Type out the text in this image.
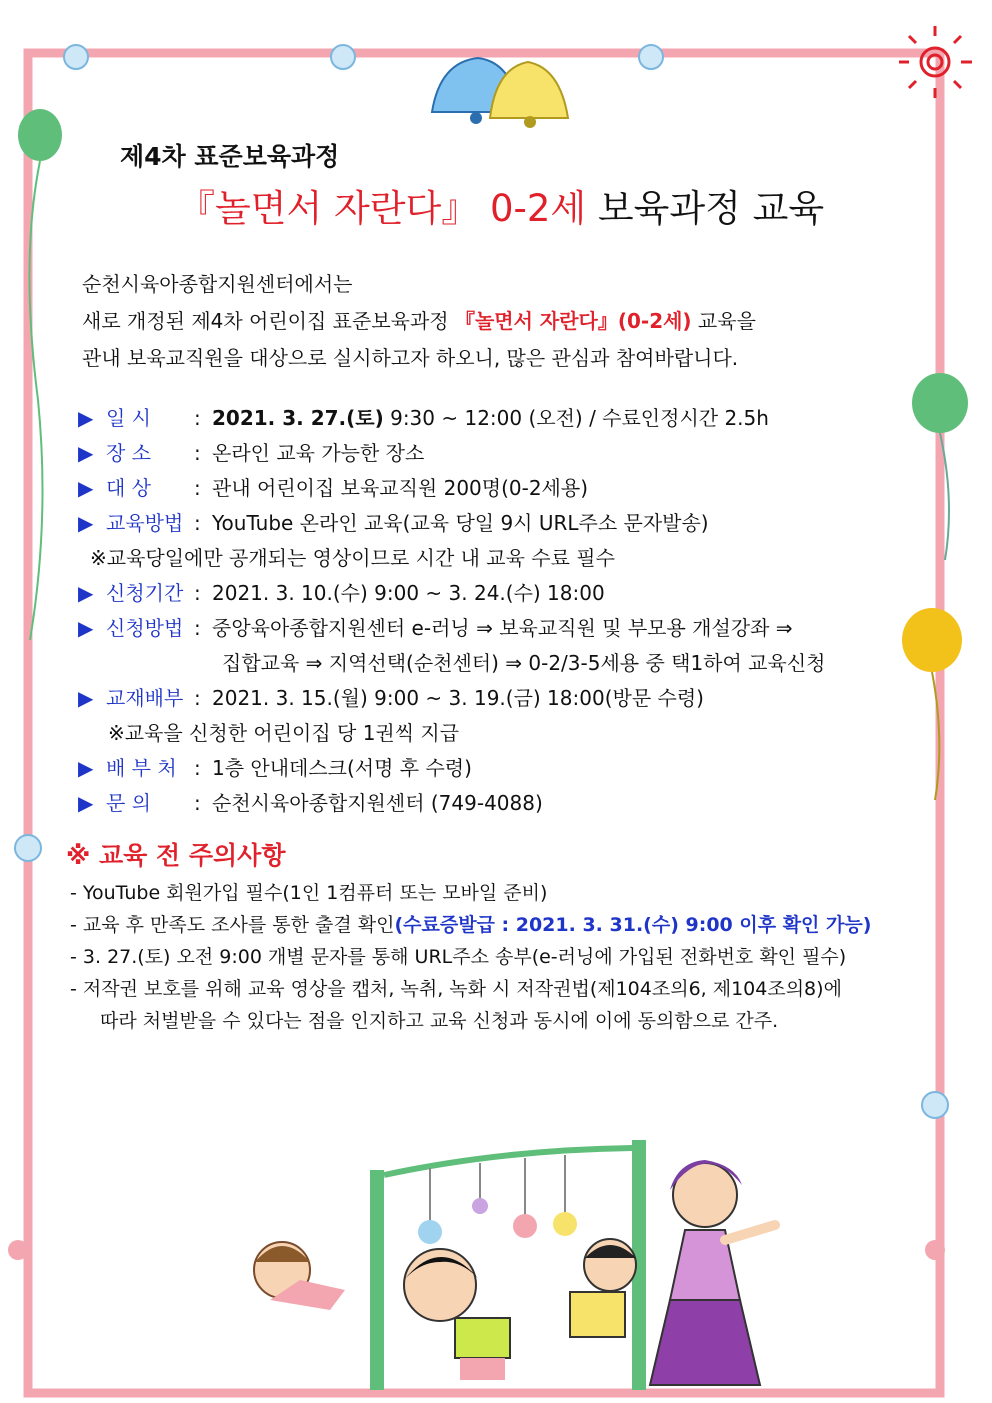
제4차 표준보육과정
『놀면서 자란다』 0-2세 보육과정 교육
순천시육아종합지원센터에서는
새로 개정된 제4차 어린이집 표준보육과정 『놀면서 자란다』(0-2세) 교육을
관내 보육교직원을 대상으로 실시하고자 하오니, 많은 관심과 참여바랍니다.
▶ 일 시 : 2021. 3. 27.(토) 9:30 ~ 12:00 (오전) / 수료인정시간 2.5h
▶ 장 소 : 온라인 교육 가능한 장소
▶ 대 상 : 관내 어린이집 보육교직원 200명(0-2세용)
▶ 교육방법 : YouTube 온라인 교육(교육 당일 9시 URL주소 문자발송)
※교육당일에만 공개되는 영상이므로 시간 내 교육 수료 필수
▶ 신청기간 : 2021. 3. 10.(수) 9:00 ~ 3. 24.(수) 18:00
▶ 신청방법 : 중앙육아종합지원센터 e-러닝 ⇒ 보육교직원 및 부모용 개설강좌 ⇒
집합교육 ⇒ 지역선택(순천센터) ⇒ 0-2/3-5세용 중 택1하여 교육신청
▶ 교재배부 : 2021. 3. 15.(월) 9:00 ~ 3. 19.(금) 18:00(방문 수령)
※교육을 신청한 어린이집 당 1권씩 지급
▶ 배 부 처 : 1층 안내데스크(서명 후 수령)
▶ 문 의 : 순천시육아종합지원센터 (749-4088)
※ 교육 전 주의사항
- YouTube 회원가입 필수(1인 1컴퓨터 또는 모바일 준비)
- 교육 후 만족도 조사를 통한 출결 확인(수료증발급 : 2021. 3. 31.(수) 9:00 이후 확인 가능)
- 3. 27.(토) 오전 9:00 개별 문자를 통해 URL주소 송부(e-러닝에 가입된 전화번호 확인 필수)
- 저작권 보호를 위해 교육 영상을 캡처, 녹취, 녹화 시 저작권법(제104조의6, 제104조의8)에
따라 처벌받을 수 있다는 점을 인지하고 교육 신청과 동시에 이에 동의함으로 간주.
